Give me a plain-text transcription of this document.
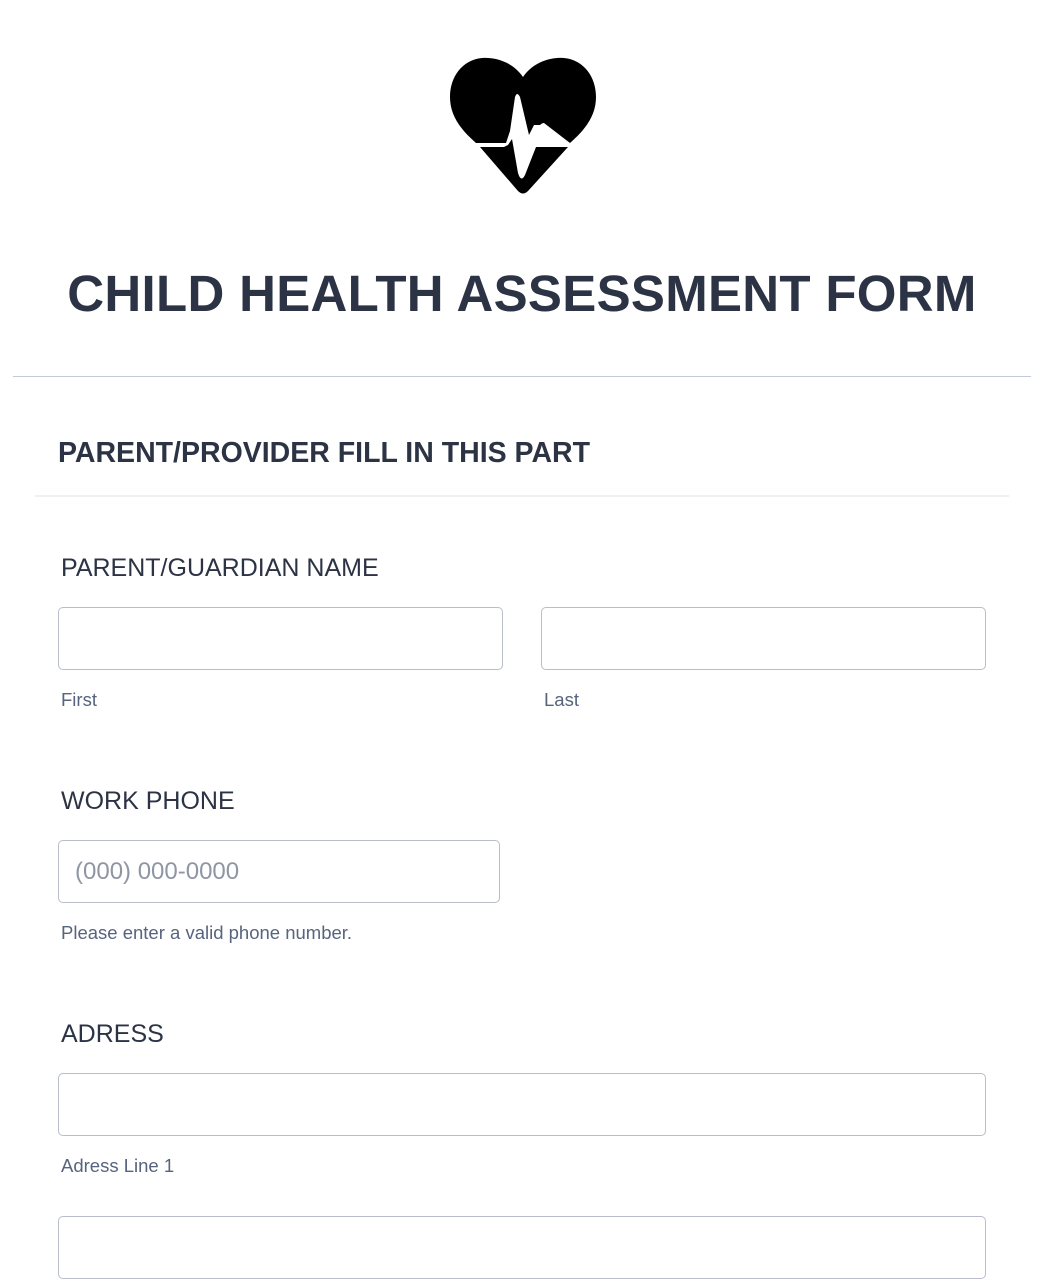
CHILD HEALTH ASSESSMENT FORM
PARENT/PROVIDER FILL IN THIS PART
PARENT/GUARDIAN NAME
First	Last
WORK PHONE
(000) 000-0000
Please enter a valid phone number.
ADRESS
Adress Line 1
